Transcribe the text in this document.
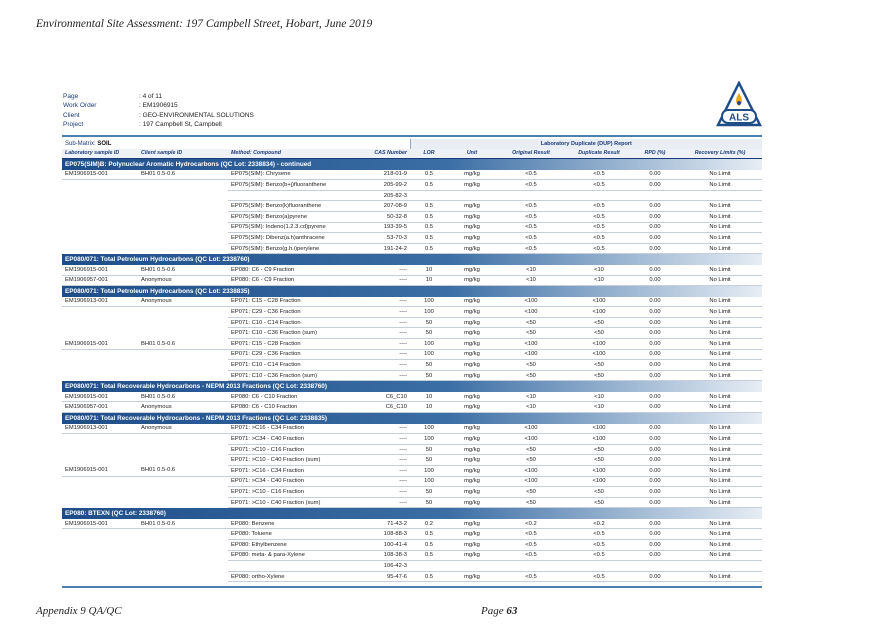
Environmental Site Assessment: 197 Campbell Street, Hobart, June 2019
Page	: 4 of 11
Work Order	: EM1906915
Client	: GEO-ENVIRONMENTAL SOLUTIONS
Project	: 197 Campbell St, Campbell
ALS
Sub-Matrix: SOIL				Laboratory Duplicate (DUP) Report					
Laboratory sample ID	Client sample ID	Method: Compound	CAS Number	LOR	Unit	Original Result	Duplicate Result	RPD (%)	Recovery Limits (%)
EP075(SIM)B: Polynuclear Aromatic Hydrocarbons (QC Lot: 2338834) - continued									
EM1906915-001	BH01 0.5-0.6	EP075(SIM): Chrysene	218-01-9	0.5	mg/kg	<0.5	<0.5	0.00	No Limit
		EP075(SIM): Benzo(b+j)fluoranthene	205-99-2	0.5	mg/kg	<0.5	<0.5	0.00	No Limit
			205-82-3						
		EP075(SIM): Benzo(k)fluoranthene	207-08-9	0.5	mg/kg	<0.5	<0.5	0.00	No Limit
		EP075(SIM): Benzo(a)pyrene	50-32-8	0.5	mg/kg	<0.5	<0.5	0.00	No Limit
		EP075(SIM): Indeno(1.2.3.cd)pyrene	193-39-5	0.5	mg/kg	<0.5	<0.5	0.00	No Limit
		EP075(SIM): Dibenz(a.h)anthracene	53-70-3	0.5	mg/kg	<0.5	<0.5	0.00	No Limit
		EP075(SIM): Benzo(g.h.i)perylene	191-24-2	0.5	mg/kg	<0.5	<0.5	0.00	No Limit
EP080/071: Total Petroleum Hydrocarbons (QC Lot: 2338760)									
EM1906915-001	BH01 0.5-0.6	EP080: C6 - C9 Fraction	----	10	mg/kg	<10	<10	0.00	No Limit
EM1906957-001	Anonymous	EP080: C6 - C9 Fraction	----	10	mg/kg	<10	<10	0.00	No Limit
EP080/071: Total Petroleum Hydrocarbons (QC Lot: 2338835)									
EM1906913-001	Anonymous	EP071: C15 - C28 Fraction	----	100	mg/kg	<100	<100	0.00	No Limit
		EP071: C29 - C36 Fraction	----	100	mg/kg	<100	<100	0.00	No Limit
		EP071: C10 - C14 Fraction	----	50	mg/kg	<50	<50	0.00	No Limit
		EP071: C10 - C36 Fraction (sum)	----	50	mg/kg	<50	<50	0.00	No Limit
EM1906915-001	BH01 0.5-0.6	EP071: C15 - C28 Fraction	----	100	mg/kg	<100	<100	0.00	No Limit
		EP071: C29 - C36 Fraction	----	100	mg/kg	<100	<100	0.00	No Limit
		EP071: C10 - C14 Fraction	----	50	mg/kg	<50	<50	0.00	No Limit
		EP071: C10 - C36 Fraction (sum)	----	50	mg/kg	<50	<50	0.00	No Limit
EP080/071: Total Recoverable Hydrocarbons - NEPM 2013 Fractions (QC Lot: 2338760)									
EM1906915-001	BH01 0.5-0.6	EP080: C6 - C10 Fraction	C6_C10	10	mg/kg	<10	<10	0.00	No Limit
EM1906957-001	Anonymous	EP080: C6 - C10 Fraction	C6_C10	10	mg/kg	<10	<10	0.00	No Limit
EP080/071: Total Recoverable Hydrocarbons - NEPM 2013 Fractions (QC Lot: 2338835)									
EM1906913-001	Anonymous	EP071: >C16 - C34 Fraction	----	100	mg/kg	<100	<100	0.00	No Limit
		EP071: >C34 - C40 Fraction	----	100	mg/kg	<100	<100	0.00	No Limit
		EP071: >C10 - C16 Fraction	----	50	mg/kg	<50	<50	0.00	No Limit
		EP071: >C10 - C40 Fraction (sum)	----	50	mg/kg	<50	<50	0.00	No Limit
EM1906915-001	BH01 0.5-0.6	EP071: >C16 - C34 Fraction	----	100	mg/kg	<100	<100	0.00	No Limit
		EP071: >C34 - C40 Fraction	----	100	mg/kg	<100	<100	0.00	No Limit
		EP071: >C10 - C16 Fraction	----	50	mg/kg	<50	<50	0.00	No Limit
		EP071: >C10 - C40 Fraction (sum)	----	50	mg/kg	<50	<50	0.00	No Limit
EP080: BTEXN (QC Lot: 2338760)									
EM1906915-001	BH01 0.5-0.6	EP080: Benzene	71-43-2	0.2	mg/kg	<0.2	<0.2	0.00	No Limit
		EP080: Toluene	108-88-3	0.5	mg/kg	<0.5	<0.5	0.00	No Limit
		EP080: Ethylbenzene	100-41-4	0.5	mg/kg	<0.5	<0.5	0.00	No Limit
		EP080: meta- & para-Xylene	108-38-3	0.5	mg/kg	<0.5	<0.5	0.00	No Limit
			106-42-3						
		EP080: ortho-Xylene	95-47-6	0.5	mg/kg	<0.5	<0.5	0.00	No Limit
Appendix 9 QA/QC	Page 63
